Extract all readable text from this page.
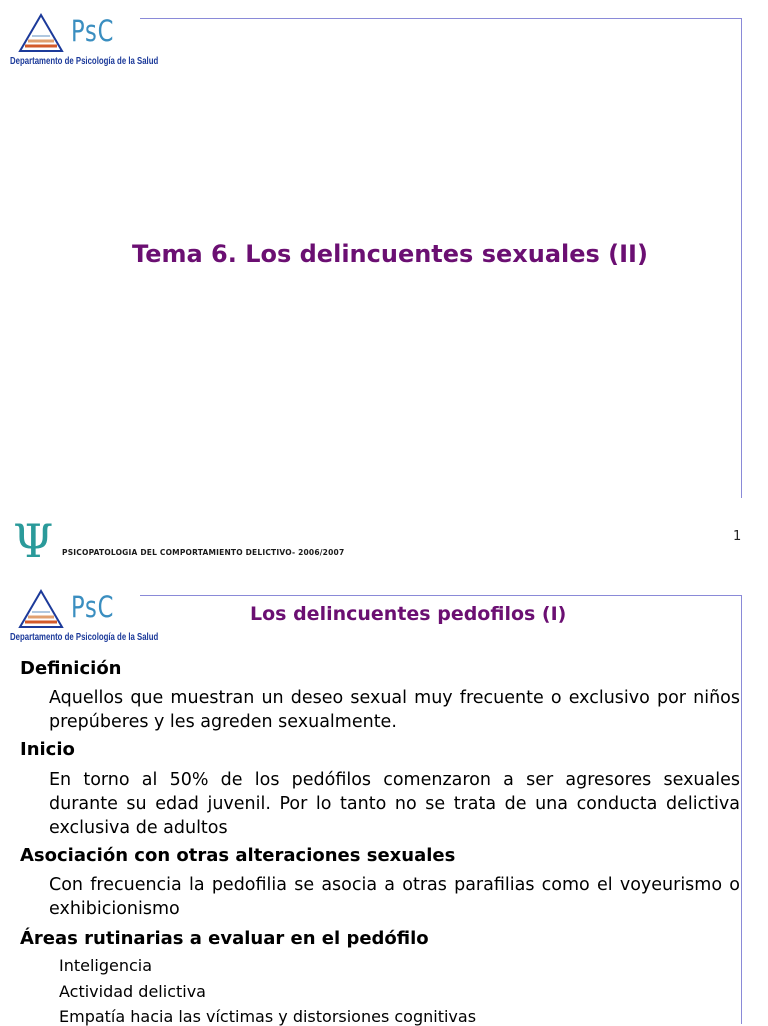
PsC
Departamento de Psicología de la Salud
Tema 6. Los delincuentes sexuales (II)
Ψ PSICOPATOLOGIA DEL COMPORTAMIENTO DELICTIVO- 2006/2007
1
PsC
Departamento de Psicología de la Salud
Los delincuentes pedofilos (I)
Definición
Aquellos que muestran un deseo sexual muy frecuente o exclusivo por niños prepúberes y les agreden sexualmente.
Inicio
En torno al 50% de los pedófilos comenzaron a ser agresores sexuales durante su edad juvenil. Por lo tanto no se trata de una conducta delictiva exclusiva de adultos
Asociación con otras alteraciones sexuales
Con frecuencia la pedofilia se asocia a otras parafilias como el voyeurismo o exhibicionismo
Áreas rutinarias a evaluar en el pedófilo
Inteligencia
Actividad delictiva
Empatía hacia las víctimas y distorsiones cognitivas
